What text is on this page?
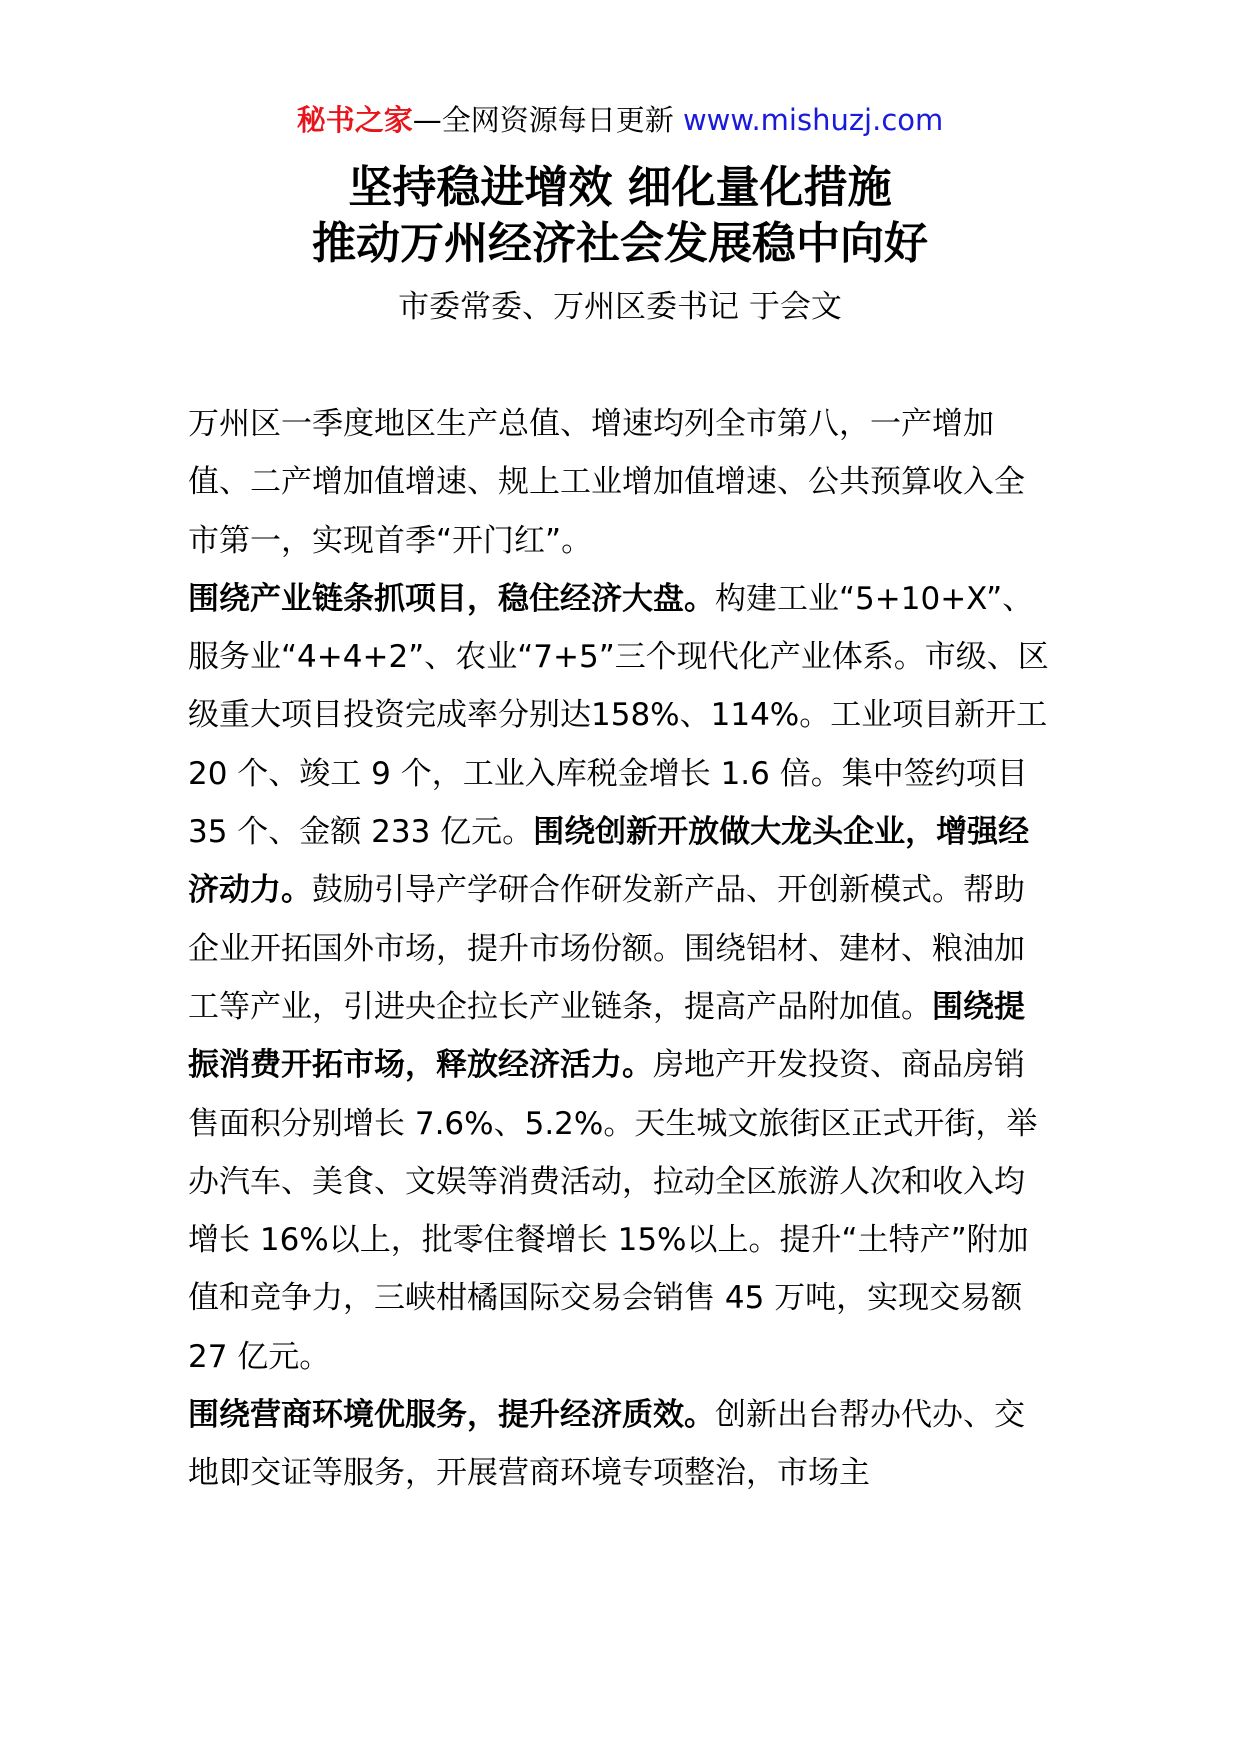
秘书之家—全网资源每日更新 www.mishuzj.com
坚持稳进增效 细化量化措施
推动万州经济社会发展稳中向好
市委常委、万州区委书记 于会文

万州区一季度地区生产总值、增速均列全市第八，一产增加值、二产增加值增速、规上工业增加值增速、公共预算收入全市第一，实现首季“开门红”。

围绕产业链条抓项目，稳住经济大盘。构建工业“5+10+X”、服务业“4+4+2”、农业“7+5”三个现代化产业体系。市级、区级重大项目投资完成率分别达158%、114%。工业项目新开工 20 个、竣工 9 个，工业入库税金增长 1.6 倍。集中签约项目 35 个、金额 233 亿元。围绕创新开放做大龙头企业，增强经济动力。鼓励引导产学研合作研发新产品、开创新模式。帮助企业开拓国外市场，提升市场份额。围绕铝材、建材、粮油加工等产业，引进央企拉长产业链条，提高产品附加值。围绕提振消费开拓市场，释放经济活力。房地产开发投资、商品房销售面积分别增长 7.6%、5.2%。天生城文旅街区正式开街，举办汽车、美食、文娱等消费活动，拉动全区旅游人次和收入均增长 16%以上，批零住餐增长 15%以上。提升“土特产”附加值和竞争力，三峡柑橘国际交易会销售 45 万吨，实现交易额 27 亿元。

围绕营商环境优服务，提升经济质效。创新出台帮办代办、交地即交证等服务，开展营商环境专项整治，市场主
